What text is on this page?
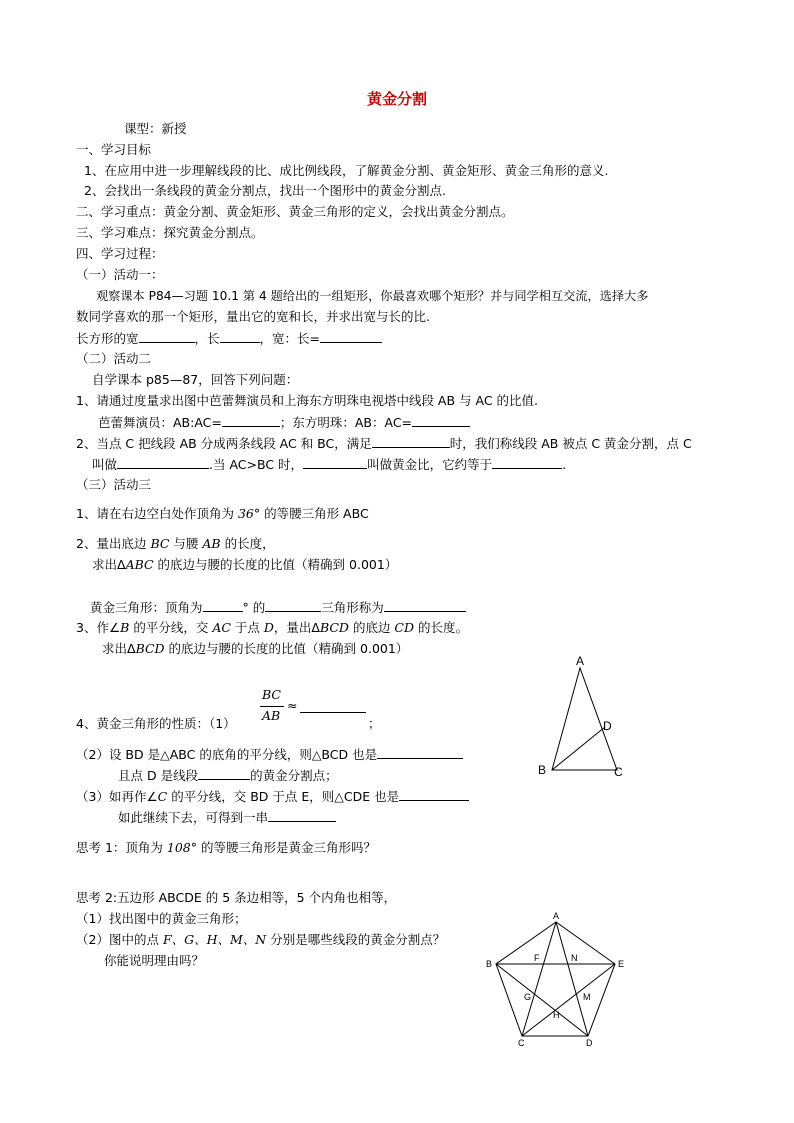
黄金分割
课型：新授
一、学习目标
1、在应用中进一步理解线段的比、成比例线段，了解黄金分割、黄金矩形、黄金三角形的意义.
2、会找出一条线段的黄金分割点，找出一个图形中的黄金分割点.
二、学习重点：黄金分割、黄金矩形、黄金三角形的定义，会找出黄金分割点。
三、学习难点：探究黄金分割点。
四、学习过程：
（一）活动一：
观察课本 P84—习题 10.1 第 4 题给出的一组矩形，你最喜欢哪个矩形？并与同学相互交流，选择大多
数同学喜欢的那一个矩形，量出它的宽和长，并求出宽与长的比.
长方形的宽	，长	，宽：长=
（二）活动二
自学课本 p85—87，回答下列问题：
1、请通过度量求出图中芭蕾舞演员和上海东方明珠电视塔中线段 AB 与 AC 的比值.
芭蕾舞演员：AB:AC=	；东方明珠：AB：AC=
2、当点 C 把线段 AB 分成两条线段 AC 和 BC，满足	时，我们称线段 AB 被点 C 黄金分割，点 C
叫做	.当 AC>BC 时，	叫做黄金比，它约等于	.
（三）活动三
1、请在右边空白处作顶角为 36° 的等腰三角形 ABC
2、量出底边 BC 与腰 AB 的长度，
求出ΔABC 的底边与腰的长度的比值（精确到 0.001）
黄金三角形：顶角为	° 的	三角形称为
3、作∠B 的平分线，交 AC 于点 D，量出ΔBCD 的底边 CD 的长度。
求出ΔBCD 的底边与腰的长度的比值（精确到 0.001）
BC
AB
≈
4、黄金三角形的性质：（1）	；
（2）设 BD 是△ABC 的底角的平分线，则△BCD 也是
且点 D 是线段	的黄金分割点；
（3）如再作∠C 的平分线，交 BD 于点 E，则△CDE 也是
如此继续下去，可得到一串
思考 1：顶角为 108° 的等腰三角形是黄金三角形吗？
思考 2:五边形 ABCDE 的 5 条边相等，5 个内角也相等，
（1）找出图中的黄金三角形；
（2）图中的点 F、G、H、M、N 分别是哪些线段的黄金分割点？
你能说明理由吗？
A
B	C
D
A
B
C	D
E
F	N
G	M
H
